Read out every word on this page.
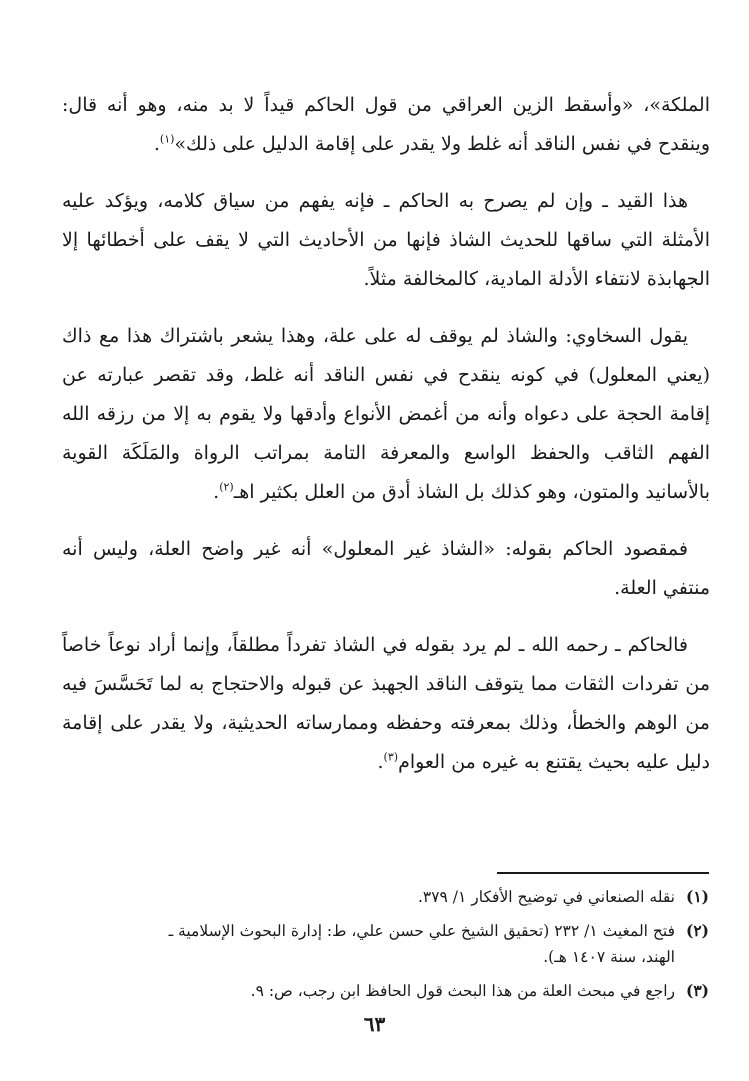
الملكة»، «وأسقط الزين العراقي من قول الحاكم قيداً لا بد منه، وهو أنه قال: وينقدح في نفس الناقد أنه غلط ولا يقدر على إقامة الدليل على ذلك»$^{(١)}$.

هذا القيد ـ وإن لم يصرح به الحاكم ـ فإنه يفهم من سياق كلامه، ويؤكد عليه الأمثلة التي ساقها للحديث الشاذ فإنها من الأحاديث التي لا يقف على أخطائها إلا الجهابذة لانتفاء الأدلة المادية، كالمخالفة مثلاً.

يقول السخاوي: والشاذ لم يوقف له على علة، وهذا يشعر باشتراك هذا مع ذاك (يعني المعلول) في كونه ينقدح في نفس الناقد أنه غلط، وقد تقصر عبارته عن إقامة الحجة على دعواه وأنه من أغمض الأنواع وأدقها ولا يقوم به إلا من رزقه الله الفهم الثاقب والحفظ الواسع والمعرفة التامة بمراتب الرواة والمَلَكَة القوية بالأسانيد والمتون، وهو كذلك بل الشاذ أدق من العلل بكثير اهـ$^{(٢)}$.

فمقصود الحاكم بقوله: «الشاذ غير المعلول» أنه غير واضح العلة، وليس أنه منتفي العلة.

فالحاكم ـ رحمه الله ـ لم يرد بقوله في الشاذ تفرداً مطلقاً، وإنما أراد نوعاً خاصاً من تفردات الثقات مما يتوقف الناقد الجهبذ عن قبوله والاحتجاج به لما تَحَسَّسَ فيه من الوهم والخطأ، وذلك بمعرفته وحفظه وممارساته الحديثية، ولا يقدر على إقامة دليل عليه بحيث يقتنع به غيره من العوام$^{(٣)}$.

(١)
نقله الصنعاني في توضيح الأفكار ١/ ٣٧٩.
(٢)
فتح المغيث ١/ ٢٣٢ (تحقيق الشيخ علي حسن علي، ط: إدارة البحوث الإسلامية ـ الهند، سنة ١٤٠٧ هـ).
(٣)
راجع في مبحث العلة من هذا البحث قول الحافظ ابن رجب، ص: ٩.
٦٣
